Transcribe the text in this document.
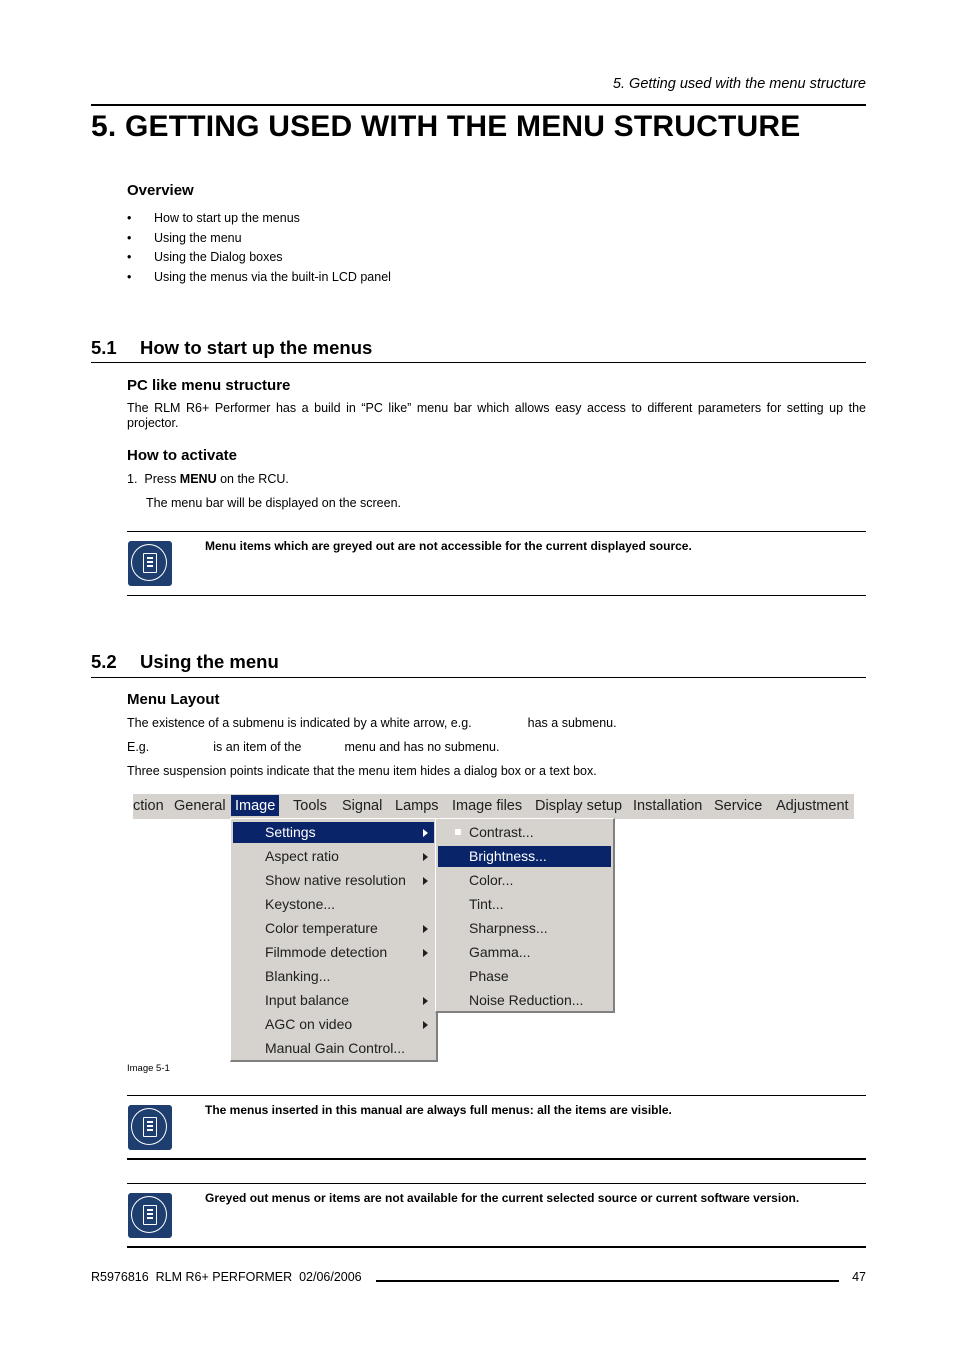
5. Getting used with the menu structure
5. GETTING USED WITH THE MENU STRUCTURE
Overview
• How to start up the menus
• Using the menu
• Using the Dialog boxes
• Using the menus via the built-in LCD panel
5.1 How to start up the menus
PC like menu structure
The RLM R6+ Performer has a build in “PC like” menu bar which allows easy access to different parameters for setting up the projector.
How to activate
1.  Press MENU on the RCU.
The menu bar will be displayed on the screen.
Menu items which are greyed out are not accessible for the current displayed source.
5.2 Using the menu
Menu Layout
The existence of a submenu is indicated by a white arrow, e.g.	has a submenu.
E.g.	is an item of the	menu and has no submenu.
Three suspension points indicate that the menu item hides a dialog box or a text box.
ction General Image Tools Signal Lamps Image files Display setup Installation Service Adjustment
Settings
Aspect ratio
Show native resolution
Keystone...
Color temperature
Filmmode detection
Blanking...
Input balance
AGC on video
Manual Gain Control...
Contrast...
Brightness...
Color...
Tint...
Sharpness...
Gamma...
Phase
Noise Reduction...
Image 5-1
The menus inserted in this manual are always full menus: all the items are visible.
Greyed out menus or items are not available for the current selected source or current software version.
R5976816  RLM R6+ PERFORMER  02/06/2006	47
